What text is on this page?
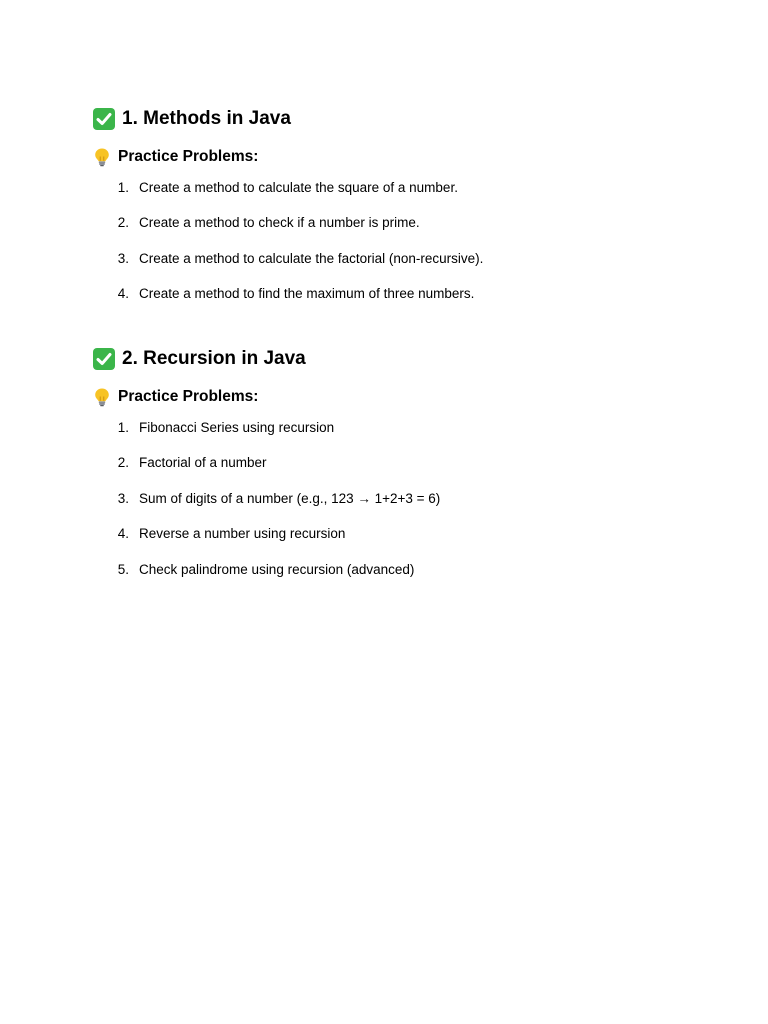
1. Methods in Java
Practice Problems:
1. Create a method to calculate the square of a number.
2. Create a method to check if a number is prime.
3. Create a method to calculate the factorial (non-recursive).
4. Create a method to find the maximum of three numbers.
2. Recursion in Java
Practice Problems:
1. Fibonacci Series using recursion
2. Factorial of a number
3. Sum of digits of a number (e.g., 123 → 1+2+3 = 6)
4. Reverse a number using recursion
5. Check palindrome using recursion (advanced)
